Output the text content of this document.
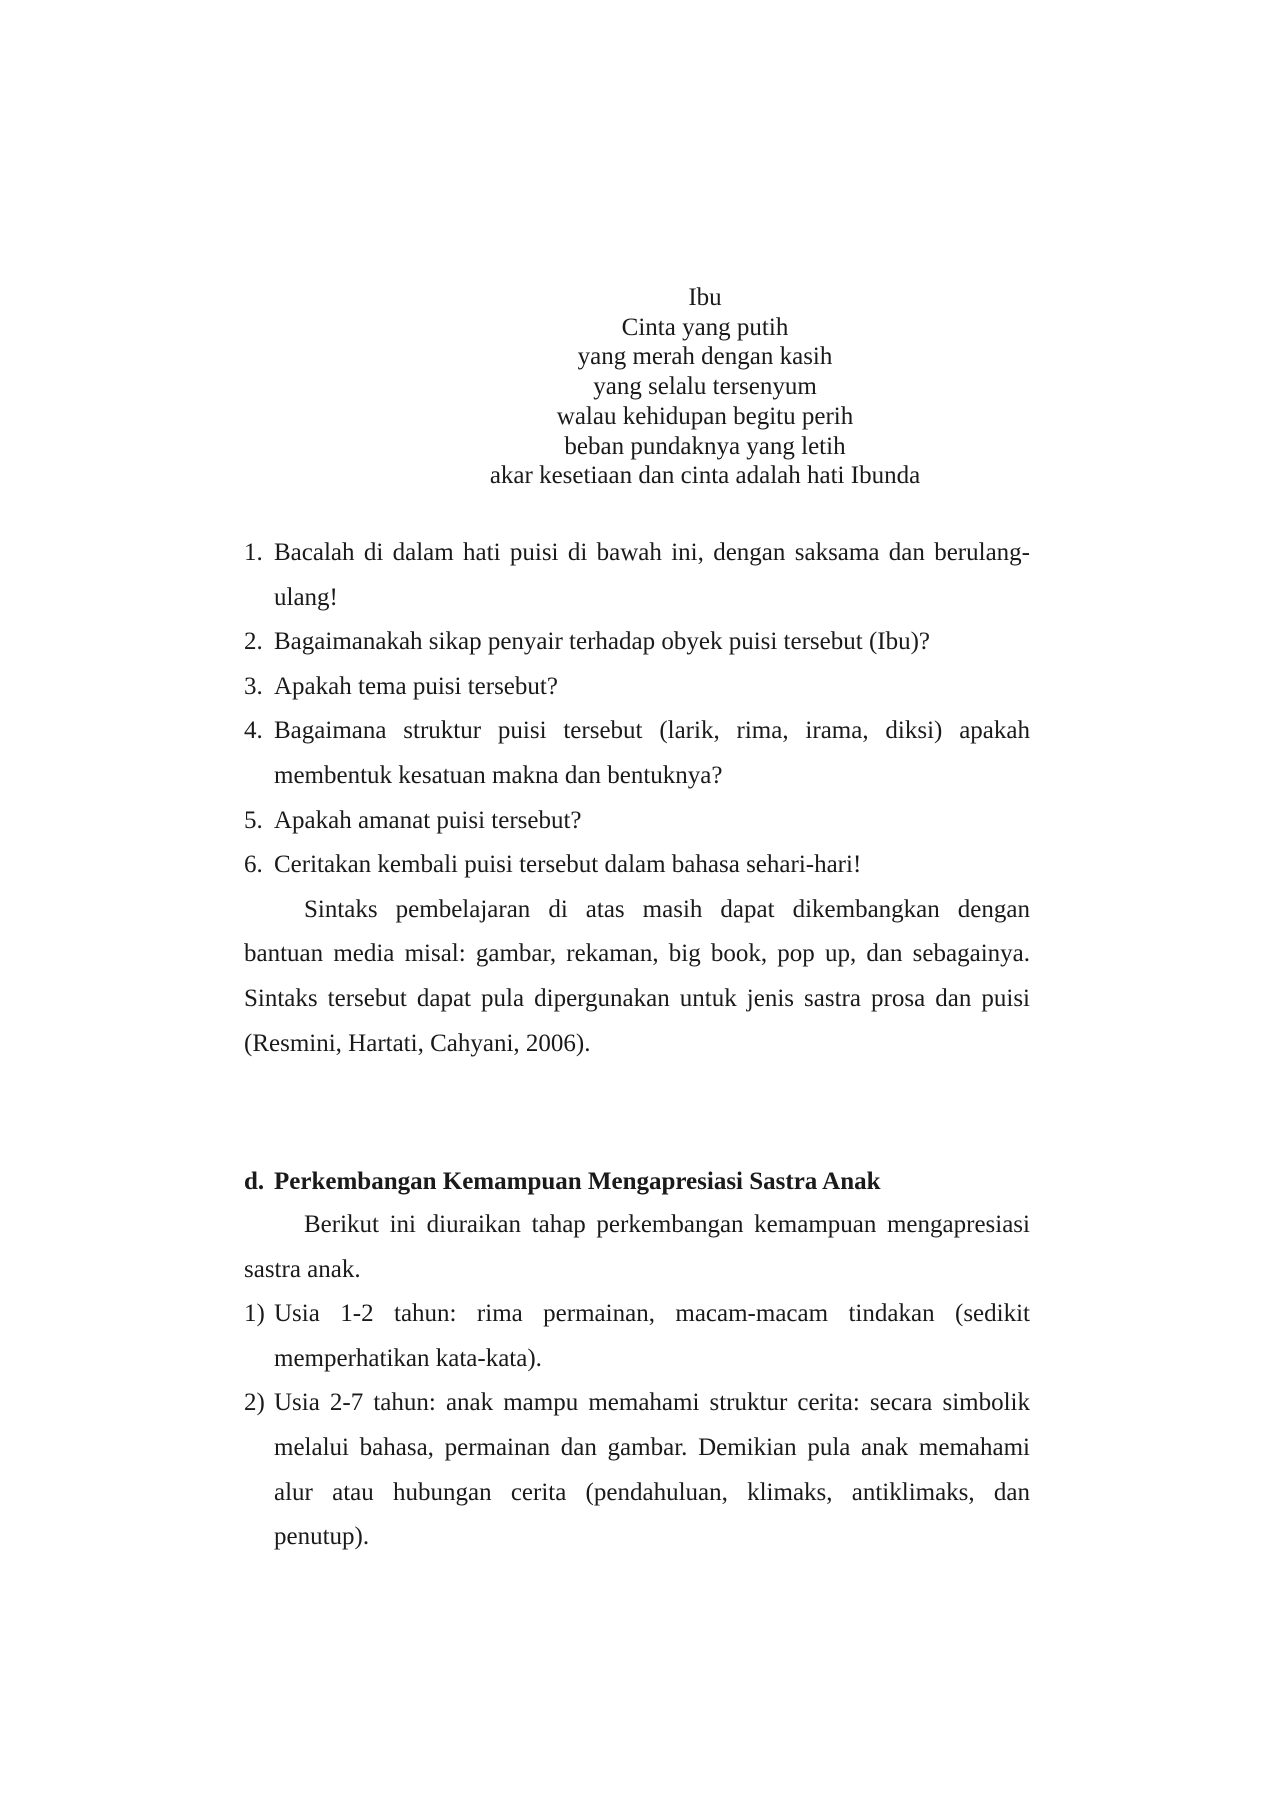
Ibu
Cinta yang putih
yang merah dengan kasih
yang selalu tersenyum
walau kehidupan begitu perih
beban pundaknya yang letih
akar kesetiaan dan cinta adalah hati Ibunda
1. Bacalah di dalam hati puisi di bawah ini, dengan saksama dan berulang-ulang!
2. Bagaimanakah sikap penyair terhadap obyek puisi tersebut (Ibu)?
3. Apakah tema puisi tersebut?
4. Bagaimana struktur puisi tersebut (larik, rima, irama, diksi) apakah membentuk kesatuan makna dan bentuknya?
5. Apakah amanat puisi tersebut?
6. Ceritakan kembali puisi tersebut dalam bahasa sehari-hari!

Sintaks pembelajaran di atas masih dapat dikembangkan dengan bantuan media misal: gambar, rekaman, big book, pop up, dan sebagainya. Sintaks tersebut dapat pula dipergunakan untuk jenis sastra prosa dan puisi (Resmini, Hartati, Cahyani, 2006).

d. Perkembangan Kemampuan Mengapresiasi Sastra Anak

Berikut ini diuraikan tahap perkembangan kemampuan mengapresiasi sastra anak.

1) Usia 1-2 tahun: rima permainan, macam-macam tindakan (sedikit memperhatikan kata-kata).
2) Usia 2-7 tahun: anak mampu memahami struktur cerita: secara simbolik melalui bahasa, permainan dan gambar. Demikian pula anak memahami alur atau hubungan cerita (pendahuluan, klimaks, antiklimaks, dan penutup).
